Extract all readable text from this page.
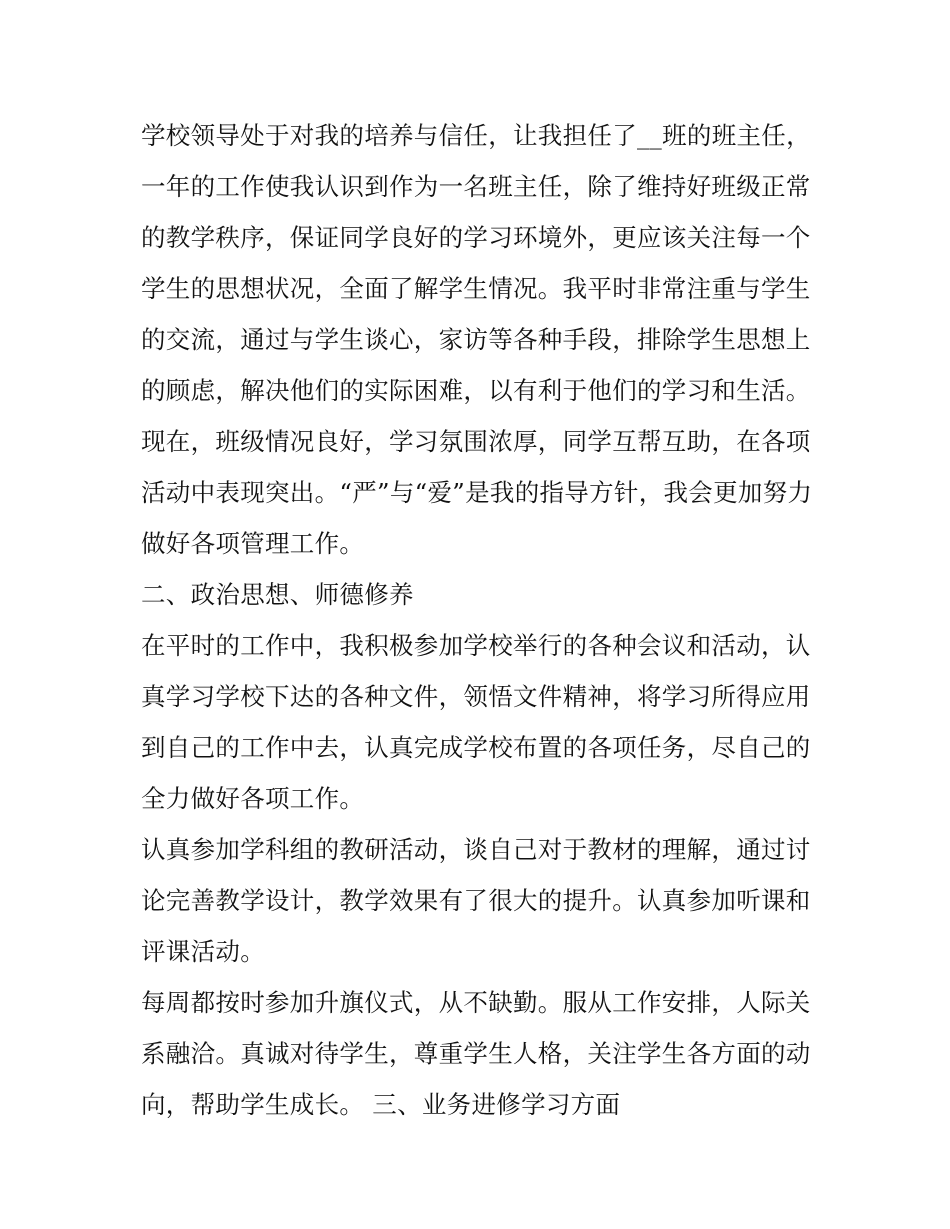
学校领导处于对我的培养与信任，让我担任了__班的班主任，
一年的工作使我认识到作为一名班主任，除了维持好班级正常
的教学秩序，保证同学良好的学习环境外，更应该关注每一个
学生的思想状况，全面了解学生情况。我平时非常注重与学生
的交流，通过与学生谈心，家访等各种手段，排除学生思想上
的顾虑，解决他们的实际困难，以有利于他们的学习和生活。
现在，班级情况良好，学习氛围浓厚，同学互帮互助，在各项
活动中表现突出。“严”与“爱”是我的指导方针，我会更加努力
做好各项管理工作。
二、政治思想、师德修养
在平时的工作中，我积极参加学校举行的各种会议和活动，认
真学习学校下达的各种文件，领悟文件精神，将学习所得应用
到自己的工作中去，认真完成学校布置的各项任务，尽自己的
全力做好各项工作。
认真参加学科组的教研活动，谈自己对于教材的理解，通过讨
论完善教学设计，教学效果有了很大的提升。认真参加听课和
评课活动。
每周都按时参加升旗仪式，从不缺勤。服从工作安排，人际关
系融洽。真诚对待学生，尊重学生人格，关注学生各方面的动
向，帮助学生成长。 三、业务进修学习方面
